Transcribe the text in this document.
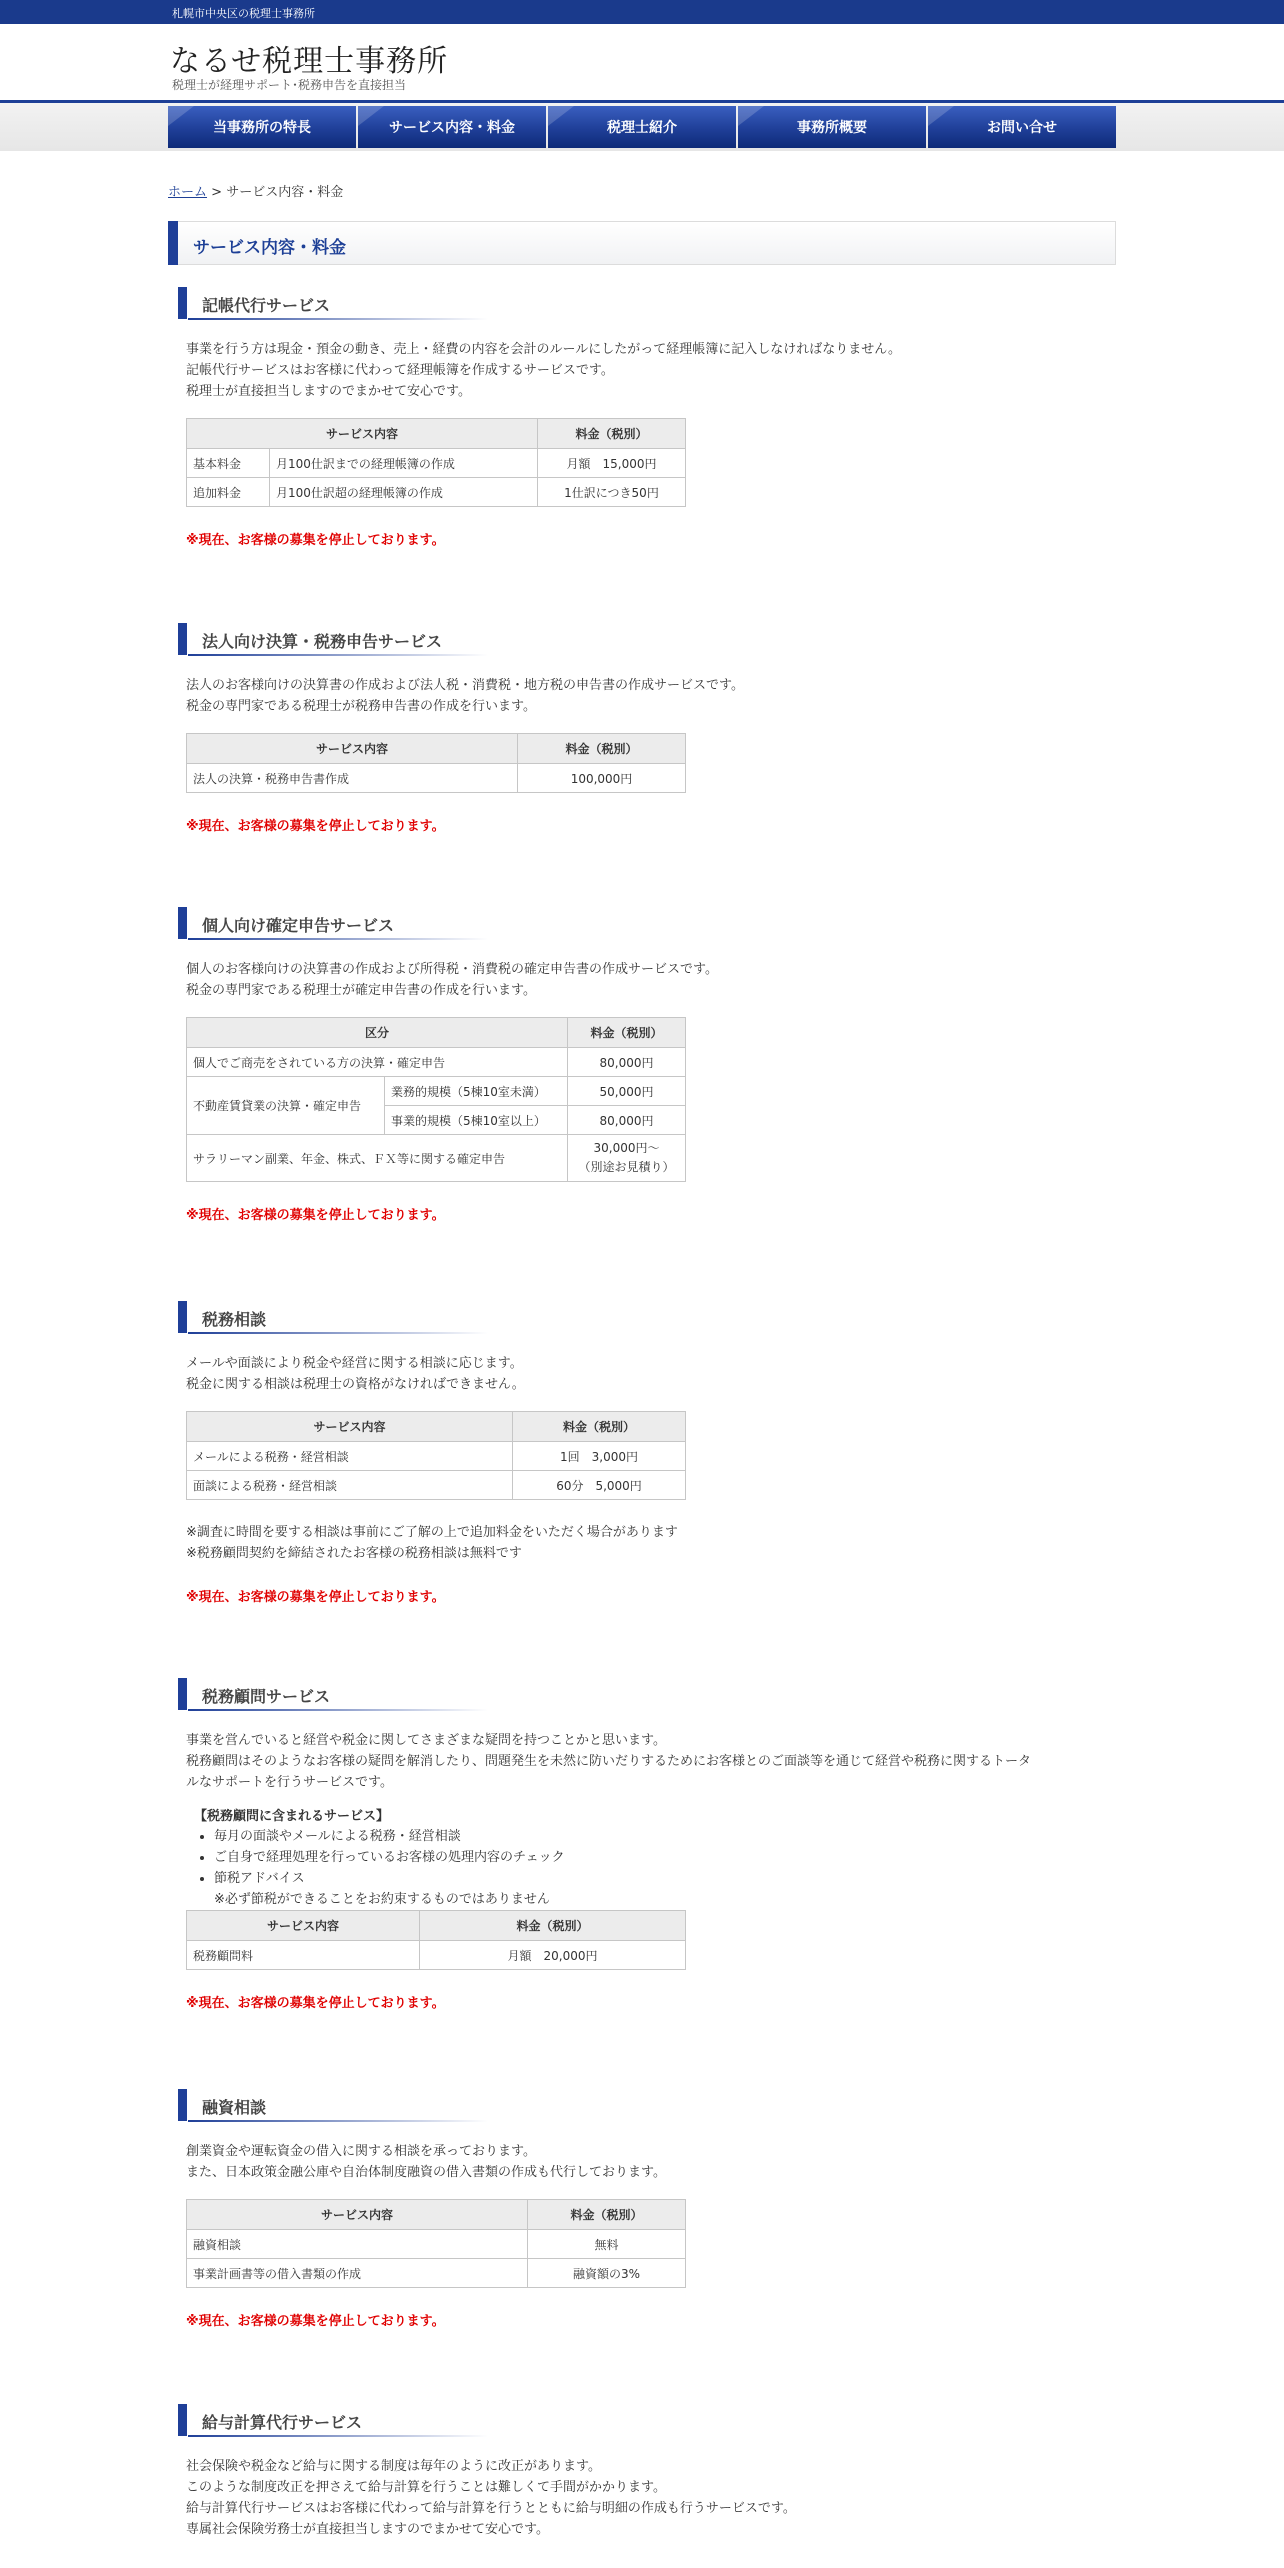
札幌市中央区の税理士事務所
なるせ税理士事務所
税理士が経理サポート･税務申告を直接担当
当事務所の特長	サービス内容・料金	税理士紹介	事務所概要	お問い合せ
ホーム > サービス内容・料金
サービス内容・料金
記帳代行サービス
事業を行う方は現金・預金の動き、売上・経費の内容を会計のルールにしたがって経理帳簿に記入しなければなりません。
記帳代行サービスはお客様に代わって経理帳簿を作成するサービスです。
税理士が直接担当しますのでまかせて安心です。
サービス内容		料金（税別）
基本料金	月100仕訳までの経理帳簿の作成	月額　15,000円
追加料金	月100仕訳超の経理帳簿の作成	1仕訳につき50円
※現在、お客様の募集を停止しております。
法人向け決算・税務申告サービス
法人のお客様向けの決算書の作成および法人税・消費税・地方税の申告書の作成サービスです。
税金の専門家である税理士が税務申告書の作成を行います。
サービス内容	料金（税別）
法人の決算・税務申告書作成	100,000円
※現在、お客様の募集を停止しております。
個人向け確定申告サービス
個人のお客様向けの決算書の作成および所得税・消費税の確定申告書の作成サービスです。
税金の専門家である税理士が確定申告書の作成を行います。
区分		料金（税別）
個人でご商売をされている方の決算・確定申告		80,000円
不動産賃貸業の決算・確定申告	業務的規模（5棟10室未満）	50,000円
	事業的規模（5棟10室以上）	80,000円
サラリーマン副業、年金、株式、ＦＸ等に関する確定申告		30,000円～
（別途お見積り）
※現在、お客様の募集を停止しております。
税務相談
メールや面談により税金や経営に関する相談に応じます。
税金に関する相談は税理士の資格がなければできません。
サービス内容	料金（税別）
メールによる税務・経営相談	1回　3,000円
面談による税務・経営相談	60分　5,000円
※調査に時間を要する相談は事前にご了解の上で追加料金をいただく場合があります
※税務顧問契約を締結されたお客様の税務相談は無料です
※現在、お客様の募集を停止しております。
税務顧問サービス
事業を営んでいると経営や税金に関してさまざまな疑問を持つことかと思います。
税務顧問はそのようなお客様の疑問を解消したり、問題発生を未然に防いだりするためにお客様とのご面談等を通じて経営や税務に関するトータ
ルなサポートを行うサービスです。
【税務顧問に含まれるサービス】
• 毎月の面談やメールによる税務・経営相談
• ご自身で経理処理を行っているお客様の処理内容のチェック
• 節税アドバイス
※必ず節税ができることをお約束するものではありません
サービス内容	料金（税別）
税務顧問料	月額　20,000円
※現在、お客様の募集を停止しております。
融資相談
創業資金や運転資金の借入に関する相談を承っております。
また、日本政策金融公庫や自治体制度融資の借入書類の作成も代行しております。
サービス内容	料金（税別）
融資相談	無料
事業計画書等の借入書類の作成	融資額の3%
※現在、お客様の募集を停止しております。
給与計算代行サービス
社会保険や税金など給与に関する制度は毎年のように改正があります。
このような制度改正を押さえて給与計算を行うことは難しくて手間がかかります。
給与計算代行サービスはお客様に代わって給与計算を行うとともに給与明細の作成も行うサービスです。
専属社会保険労務士が直接担当しますのでまかせて安心です。
